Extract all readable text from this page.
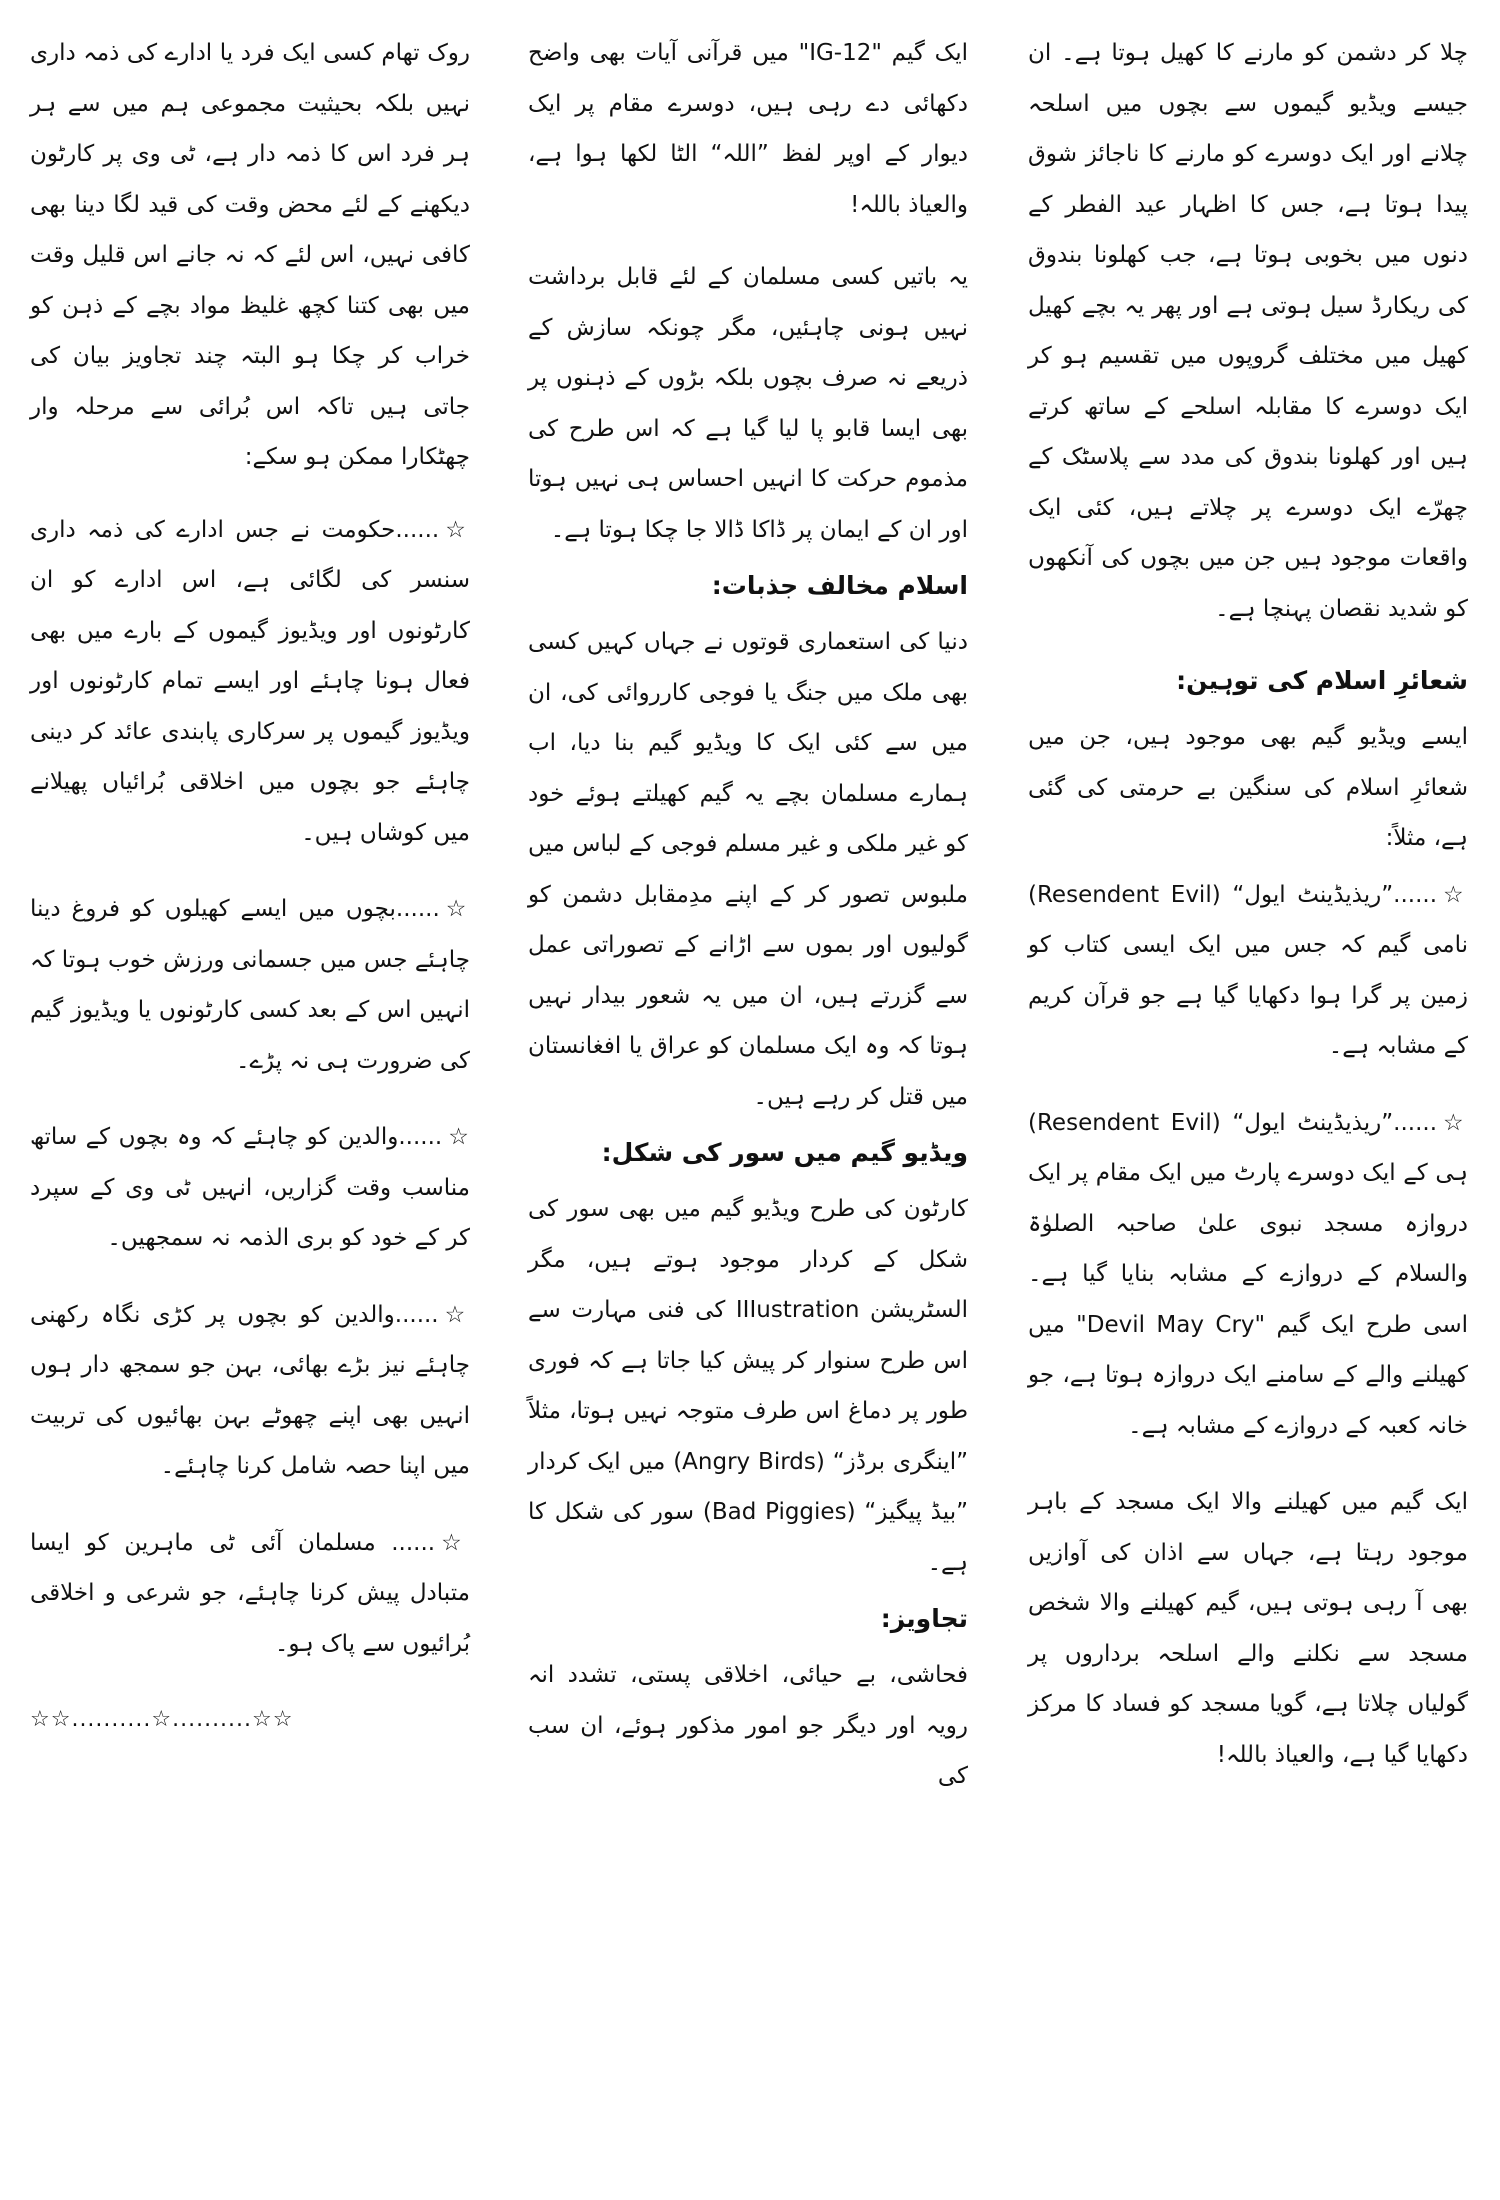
چلا کر دشمن کو مارنے کا کھیل ہوتا ہے۔ ان جیسے ویڈیو گیموں سے بچوں میں اسلحہ چلانے اور ایک دوسرے کو مارنے کا ناجائز شوق پیدا ہوتا ہے، جس کا اظہار عید الفطر کے دنوں میں بخوبی ہوتا ہے، جب کھلونا بندوق کی ریکارڈ سیل ہوتی ہے اور پھر یہ بچے کھیل کھیل میں مختلف گروپوں میں تقسیم ہو کر ایک دوسرے کا مقابلہ اسلحے کے ساتھ کرتے ہیں اور کھلونا بندوق کی مدد سے پلاسٹک کے چھرّے ایک دوسرے پر چلاتے ہیں، کئی ایک واقعات موجود ہیں جن میں بچوں کی آنکھوں کو شدید نقصان پہنچا ہے۔

شعائرِ اسلام کی توہین:

ایسے ویڈیو گیم بھی موجود ہیں، جن میں شعائرِ اسلام کی سنگین بے حرمتی کی گئی ہے، مثلاً:

☆......”ریذیڈینٹ ایول“ (Resendent Evil) نامی گیم کہ جس میں ایک ایسی کتاب کو زمین پر گرا ہوا دکھایا گیا ہے جو قرآن کریم کے مشابہ ہے۔
☆......”ریذیڈینٹ ایول“ (Resendent Evil) ہی کے ایک دوسرے پارٹ میں ایک مقام پر ایک دروازہ مسجد نبوی علیٰ صاحبہ الصلوٰۃ والسلام کے دروازے کے مشابہ بنایا گیا ہے۔ اسی طرح ایک گیم "Devil May Cry" میں کھیلنے والے کے سامنے ایک دروازہ ہوتا ہے، جو خانہ کعبہ کے دروازے کے مشابہ ہے۔

ایک گیم میں کھیلنے والا ایک مسجد کے باہر موجود رہتا ہے، جہاں سے اذان کی آوازیں بھی آ رہی ہوتی ہیں، گیم کھیلنے والا شخص مسجد سے نکلنے والے اسلحہ برداروں پر گولیاں چلاتا ہے، گویا مسجد کو فساد کا مرکز دکھایا گیا ہے، والعیاذ باللہ!

ایک گیم "IG-12" میں قرآنی آیات بھی واضح دکھائی دے رہی ہیں، دوسرے مقام پر ایک دیوار کے اوپر لفظ ”اللہ“ الٹا لکھا ہوا ہے، والعیاذ باللہ!

یہ باتیں کسی مسلمان کے لئے قابل برداشت نہیں ہونی چاہئیں، مگر چونکہ سازش کے ذریعے نہ صرف بچوں بلکہ بڑوں کے ذہنوں پر بھی ایسا قابو پا لیا گیا ہے کہ اس طرح کی مذموم حرکت کا انہیں احساس ہی نہیں ہوتا اور ان کے ایمان پر ڈاکا ڈالا جا چکا ہوتا ہے۔

اسلام مخالف جذبات:

دنیا کی استعماری قوتوں نے جہاں کہیں کسی بھی ملک میں جنگ یا فوجی کارروائی کی، ان میں سے کئی ایک کا ویڈیو گیم بنا دیا، اب ہمارے مسلمان بچے یہ گیم کھیلتے ہوئے خود کو غیر ملکی و غیر مسلم فوجی کے لباس میں ملبوس تصور کر کے اپنے مدِمقابل دشمن کو گولیوں اور بموں سے اڑانے کے تصوراتی عمل سے گزرتے ہیں، ان میں یہ شعور بیدار نہیں ہوتا کہ وہ ایک مسلمان کو عراق یا افغانستان میں قتل کر رہے ہیں۔

ویڈیو گیم میں سور کی شکل:

کارٹون کی طرح ویڈیو گیم میں بھی سور کی شکل کے کردار موجود ہوتے ہیں، مگر السٹریشن IIIustration کی فنی مہارت سے اس طرح سنوار کر پیش کیا جاتا ہے کہ فوری طور پر دماغ اس طرف متوجہ نہیں ہوتا، مثلاً ”اینگری برڈز“ (Angry Birds) میں ایک کردار ”بیڈ پیگیز“ (Bad Piggies) سور کی شکل کا ہے۔

تجاویز:

فحاشی، بے حیائی، اخلاقی پستی، تشدد انہ رویہ اور دیگر جو امور مذکور ہوئے، ان سب کی

روک تھام کسی ایک فرد یا ادارے کی ذمہ داری نہیں بلکہ بحیثیت مجموعی ہم میں سے ہر ہر فرد اس کا ذمہ دار ہے، ٹی وی پر کارٹون دیکھنے کے لئے محض وقت کی قید لگا دینا بھی کافی نہیں، اس لئے کہ نہ جانے اس قلیل وقت میں بھی کتنا کچھ غلیظ مواد بچے کے ذہن کو خراب کر چکا ہو البتہ چند تجاویز بیان کی جاتی ہیں تاکہ اس بُرائی سے مرحلہ وار چھٹکارا ممکن ہو سکے:

☆......حکومت نے جس ادارے کی ذمہ داری سنسر کی لگائی ہے، اس ادارے کو ان کارٹونوں اور ویڈیوز گیموں کے بارے میں بھی فعال ہونا چاہئے اور ایسے تمام کارٹونوں اور ویڈیوز گیموں پر سرکاری پابندی عائد کر دینی چاہئے جو بچوں میں اخلاقی بُرائیاں پھیلانے میں کوشاں ہیں۔
☆......بچوں میں ایسے کھیلوں کو فروغ دینا چاہئے جس میں جسمانی ورزش خوب ہوتا کہ انہیں اس کے بعد کسی کارٹونوں یا ویڈیوز گیم کی ضرورت ہی نہ پڑے۔
☆......والدین کو چاہئے کہ وہ بچوں کے ساتھ مناسب وقت گزاریں، انہیں ٹی وی کے سپرد کر کے خود کو بری الذمہ نہ سمجھیں۔
☆......والدین کو بچوں پر کڑی نگاہ رکھنی چاہئے نیز بڑے بھائی، بہن جو سمجھ دار ہوں انہیں بھی اپنے چھوٹے بہن بھائیوں کی تربیت میں اپنا حصہ شامل کرنا چاہئے۔
☆...... مسلمان آئی ٹی ماہرین کو ایسا متبادل پیش کرنا چاہئے، جو شرعی و اخلاقی بُرائیوں سے پاک ہو۔
☆☆..........☆..........☆☆
